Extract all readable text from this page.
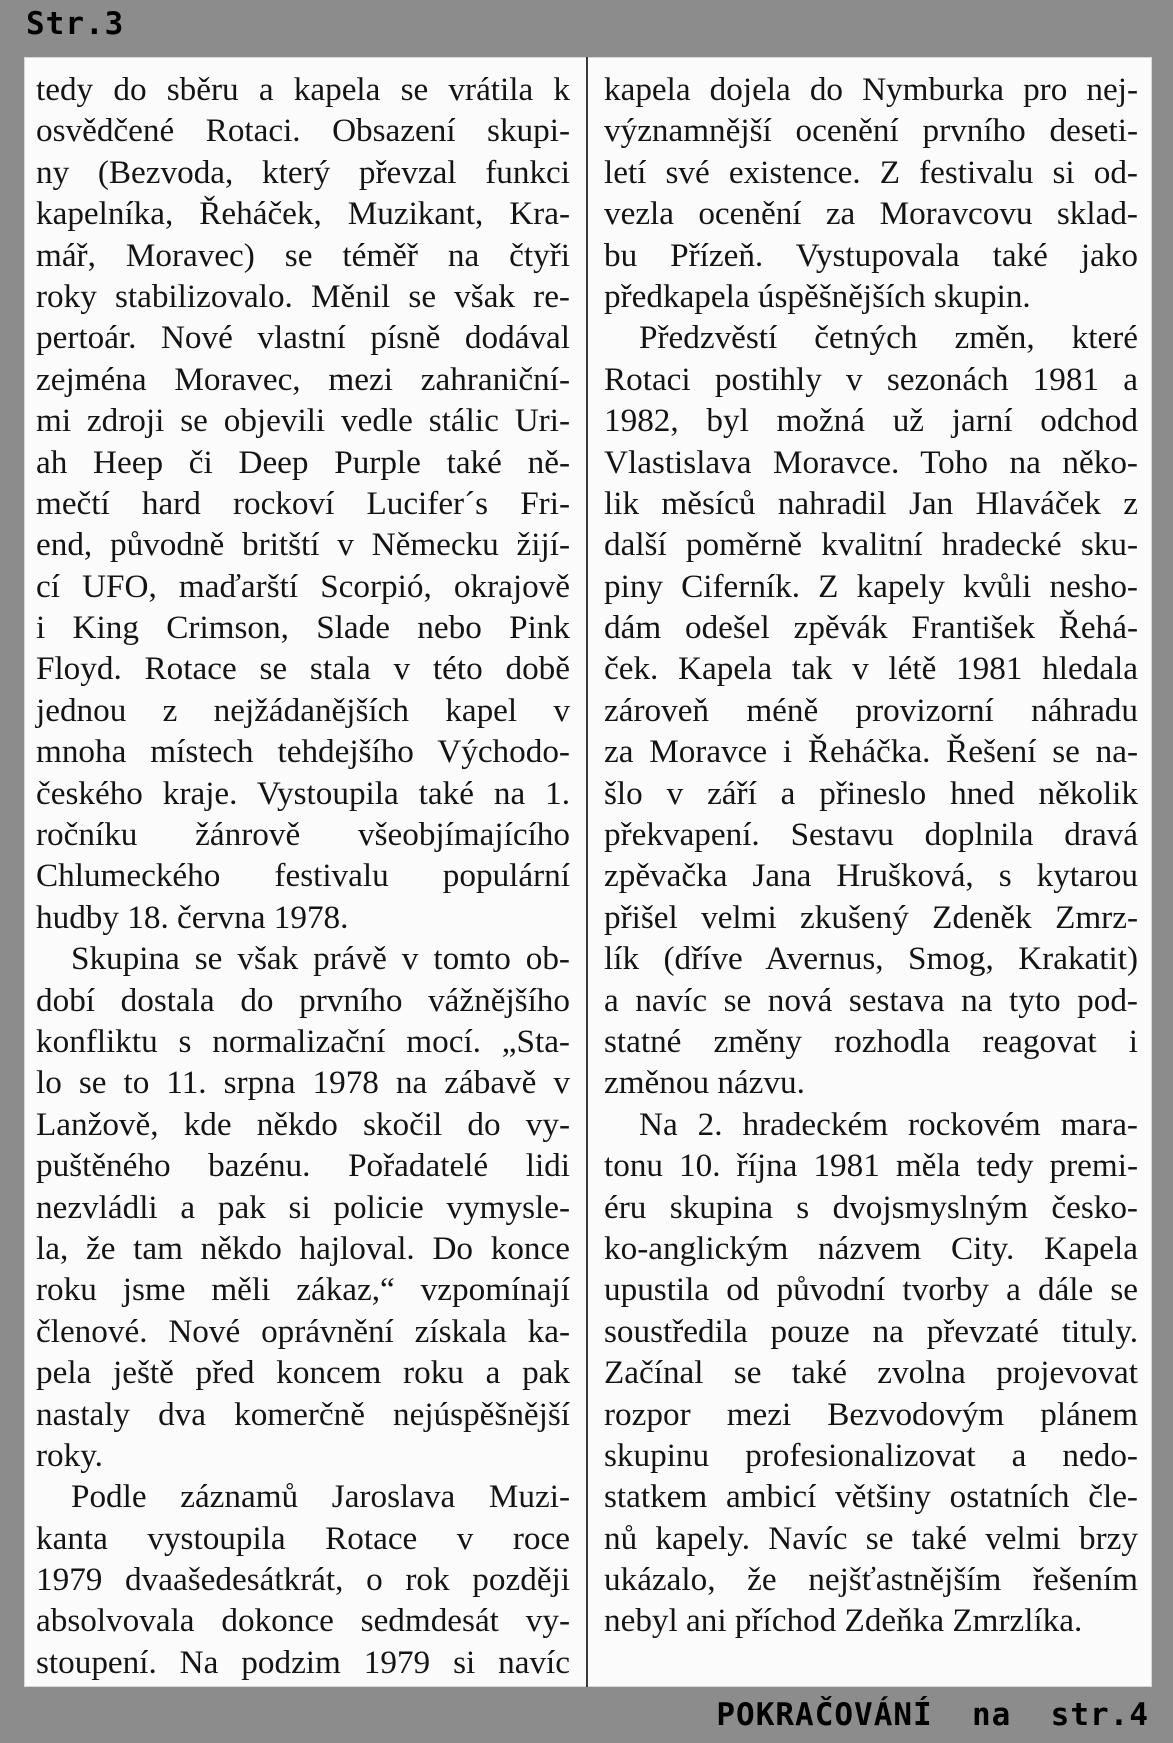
Str.3
tedy do sběru a kapela se vrátila k
osvědčené Rotaci. Obsazení skupi-
ny (Bezvoda, který převzal funkci
kapelníka, Řeháček, Muzikant, Kra-
mář, Moravec) se téměř na čtyři
roky stabilizovalo. Měnil se však re-
pertoár. Nové vlastní písně dodával
zejména Moravec, mezi zahraniční-
mi zdroji se objevili vedle stálic Uri-
ah Heep či Deep Purple také ně-
mečtí hard rockoví Lucifer´s Fri-
end, původně britští v Německu žijí-
cí UFO, maďarští Scorpió, okrajově
i King Crimson, Slade nebo Pink
Floyd. Rotace se stala v této době
jednou z nejžádanějších kapel v
mnoha místech tehdejšího Východo-
českého kraje. Vystoupila také na 1.
ročníku žánrově všeobjímajícího
Chlumeckého festivalu populární
hudby 18. června 1978.
Skupina se však právě v tomto ob-
dobí dostala do prvního vážnějšího
konfliktu s normalizační mocí. „Sta-
lo se to 11. srpna 1978 na zábavě v
Lanžově, kde někdo skočil do vy-
puštěného bazénu. Pořadatelé lidi
nezvládli a pak si policie vymysle-
la, že tam někdo hajloval. Do konce
roku jsme měli zákaz,“ vzpomínají
členové. Nové oprávnění získala ka-
pela ještě před koncem roku a pak
nastaly dva komerčně nejúspěšnější
roky.
Podle záznamů Jaroslava Muzi-
kanta vystoupila Rotace v roce
1979 dvaašedesátkrát, o rok později
absolvovala dokonce sedmdesát vy-
stoupení. Na podzim 1979 si navíc
kapela dojela do Nymburka pro nej-
významnější ocenění prvního deseti-
letí své existence. Z festivalu si od-
vezla ocenění za Moravcovu sklad-
bu Přízeň. Vystupovala také jako
předkapela úspěšnějších skupin.
Předzvěstí četných změn, které
Rotaci postihly v sezonách 1981 a
1982, byl možná už jarní odchod
Vlastislava Moravce. Toho na něko-
lik měsíců nahradil Jan Hlaváček z
další poměrně kvalitní hradecké sku-
piny Ciferník. Z kapely kvůli nesho-
dám odešel zpěvák František Řehá-
ček. Kapela tak v létě 1981 hledala
zároveň méně provizorní náhradu
za Moravce i Řeháčka. Řešení se na-
šlo v září a přineslo hned několik
překvapení. Sestavu doplnila dravá
zpěvačka Jana Hrušková, s kytarou
přišel velmi zkušený Zdeněk Zmrz-
lík (dříve Avernus, Smog, Krakatit)
a navíc se nová sestava na tyto pod-
statné změny rozhodla reagovat i
změnou názvu.
Na 2. hradeckém rockovém mara-
tonu 10. října 1981 měla tedy premi-
éru skupina s dvojsmyslným česko-
ko-anglickým názvem City. Kapela
upustila od původní tvorby a dále se
soustředila pouze na převzaté tituly.
Začínal se také zvolna projevovat
rozpor mezi Bezvodovým plánem
skupinu profesionalizovat a nedo-
statkem ambicí většiny ostatních čle-
nů kapely. Navíc se také velmi brzy
ukázalo, že nejšťastnějším řešením
nebyl ani příchod Zdeňka Zmrzlíka.
POKRAČOVÁNÍ  na  str.4
